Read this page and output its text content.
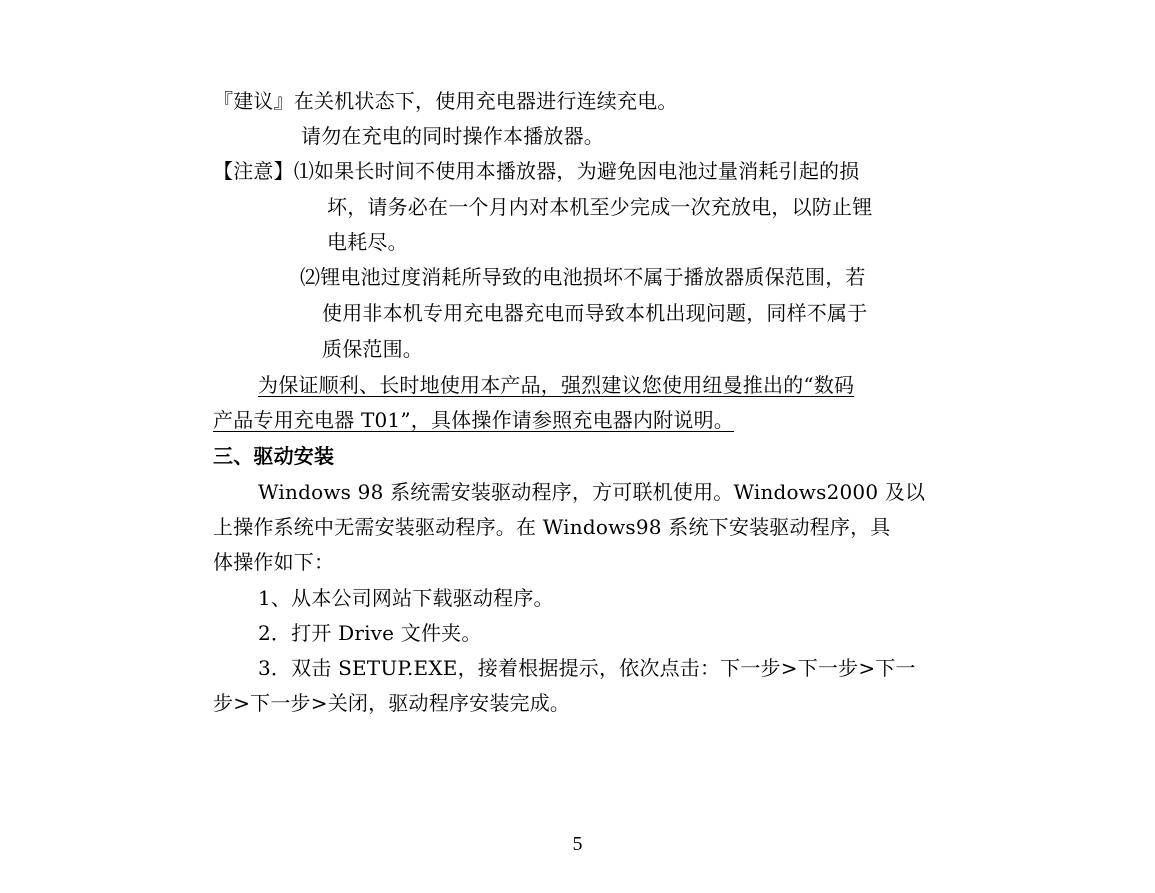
『建议』在关机状态下，使用充电器进行连续充电。
请勿在充电的同时操作本播放器。
【注意】⑴如果长时间不使用本播放器，为避免因电池过量消耗引起的损
坏，请务必在一个月内对本机至少完成一次充放电，以防止锂
电耗尽。
⑵锂电池过度消耗所导致的电池损坏不属于播放器质保范围，若
使用非本机专用充电器充电而导致本机出现问题，同样不属于
质保范围。
为保证顺利、长时地使用本产品，强烈建议您使用纽曼推出的“数码
产品专用充电器 T01”，具体操作请参照充电器内附说明。
三、驱动安装
Windows 98 系统需安装驱动程序，方可联机使用。Windows2000 及以
上操作系统中无需安装驱动程序。在 Windows98 系统下安装驱动程序，具
体操作如下：
1、从本公司网站下载驱动程序。
2．打开 Drive 文件夹。
3．双击 SETUP.EXE，接着根据提示，依次点击：下一步>下一步>下一
步>下一步>关闭，驱动程序安装完成。
5
